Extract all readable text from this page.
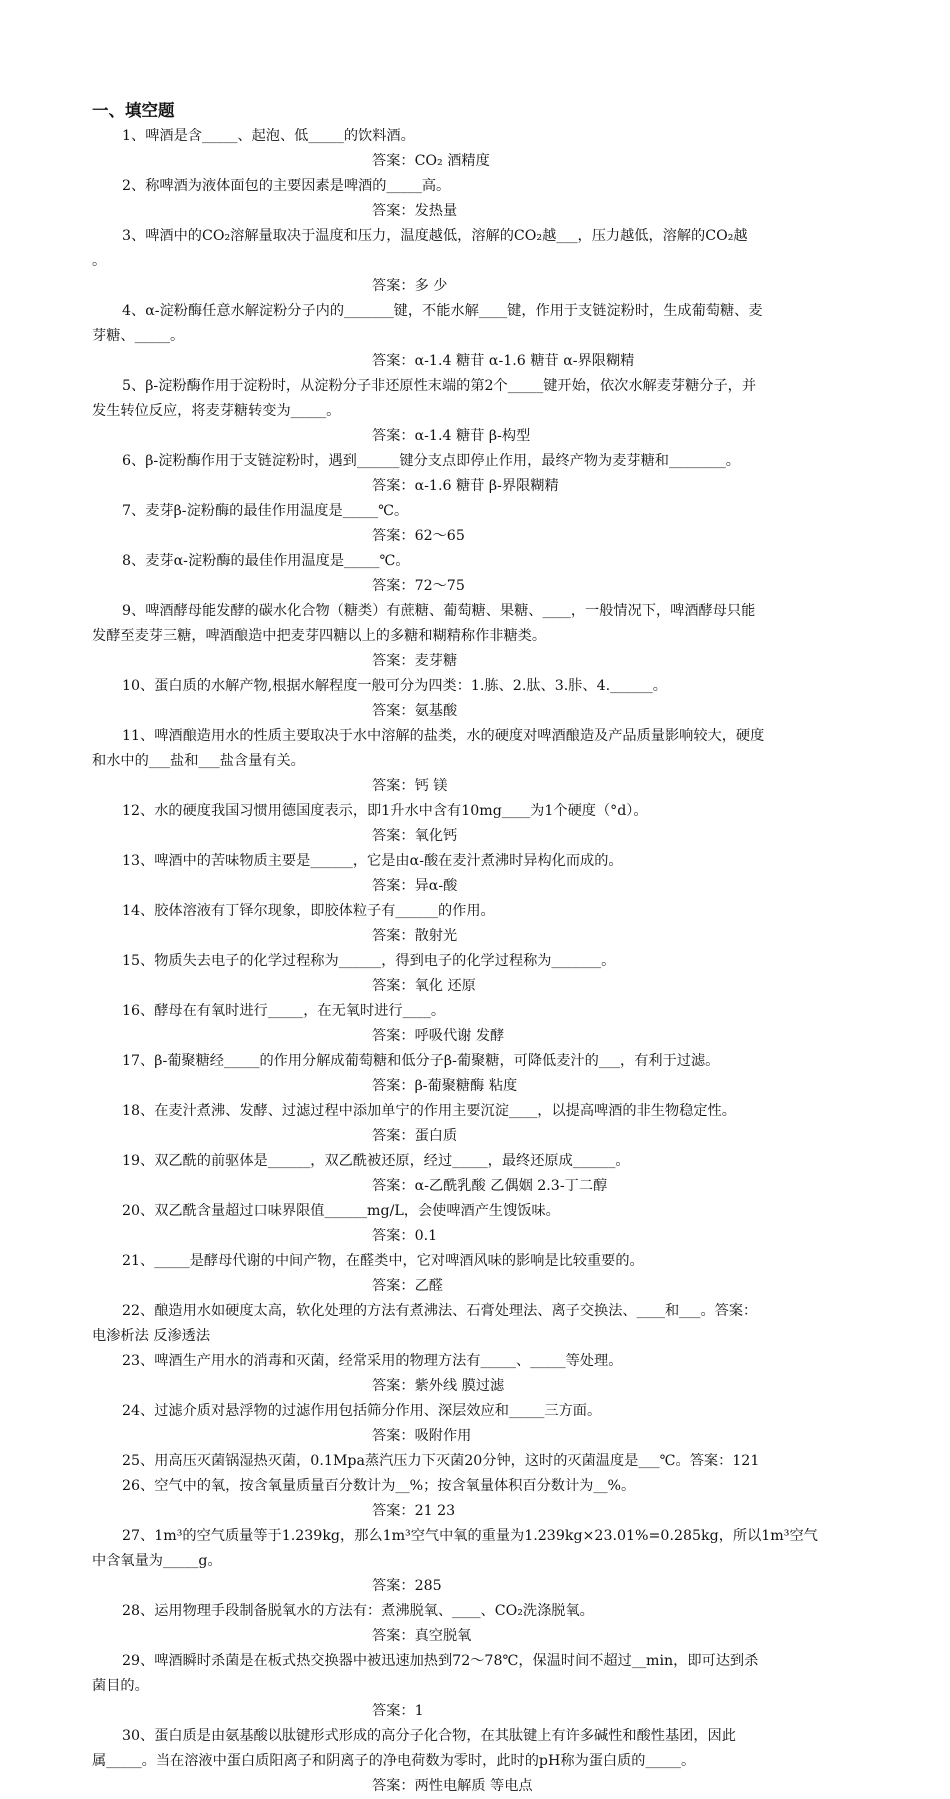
一、填空题
1、啤酒是含_____、起泡、低_____的饮料酒。
答案：CO₂ 酒精度
2、称啤酒为液体面包的主要因素是啤酒的_____高。
答案：发热量
3、啤酒中的CO₂溶解量取决于温度和压力，温度越低，溶解的CO₂越___，压力越低，溶解的CO₂越
。
答案：多 少
4、α-淀粉酶任意水解淀粉分子内的_______键，不能水解____键，作用于支链淀粉时，生成葡萄糖、麦
芽糖、_____。
答案：α-1.4 糖苷 α-1.6 糖苷 α-界限糊精
5、β-淀粉酶作用于淀粉时，从淀粉分子非还原性末端的第2个_____键开始，依次水解麦芽糖分子，并
发生转位反应，将麦芽糖转变为_____。
答案：α-1.4 糖苷 β-构型
6、β-淀粉酶作用于支链淀粉时，遇到______键分支点即停止作用，最终产物为麦芽糖和________。
答案：α-1.6 糖苷 β-界限糊精
7、麦芽β-淀粉酶的最佳作用温度是_____℃。
答案：62～65
8、麦芽α-淀粉酶的最佳作用温度是_____℃。
答案：72～75
9、啤酒酵母能发酵的碳水化合物（糖类）有蔗糖、葡萄糖、果糖、____，一般情况下，啤酒酵母只能
发酵至麦芽三糖，啤酒酿造中把麦芽四糖以上的多糖和糊精称作非糖类。
答案：麦芽糖
10、蛋白质的水解产物,根据水解程度一般可分为四类：1.胨、2.肽、3.胩、4.______。
答案：氨基酸
11、啤酒酿造用水的性质主要取决于水中溶解的盐类，水的硬度对啤酒酿造及产品质量影响较大，硬度
和水中的___盐和___盐含量有关。
答案：钙 镁
12、水的硬度我国习惯用德国度表示，即1升水中含有10mg____为1个硬度（°d）。
答案：氧化钙
13、啤酒中的苦味物质主要是______，它是由α-酸在麦汁煮沸时异构化而成的。
答案：异α-酸
14、胶体溶液有丁铎尔现象，即胶体粒子有______的作用。
答案：散射光
15、物质失去电子的化学过程称为______，得到电子的化学过程称为_______。
答案：氧化 还原
16、酵母在有氧时进行_____，在无氧时进行____。
答案：呼吸代谢 发酵
17、β-葡聚糖经_____的作用分解成葡萄糖和低分子β-葡聚糖，可降低麦汁的___，有利于过滤。
答案：β-葡聚糖酶 粘度
18、在麦汁煮沸、发酵、过滤过程中添加单宁的作用主要沉淀____，以提高啤酒的非生物稳定性。
答案：蛋白质
19、双乙酰的前驱体是______，双乙酰被还原，经过_____，最终还原成______。
答案：α-乙酰乳酸 乙偶姻 2.3-丁二醇
20、双乙酰含量超过口味界限值______mg/L，会使啤酒产生馊饭味。
答案：0.1
21、_____是酵母代谢的中间产物，在醛类中，它对啤酒风味的影响是比较重要的。
答案：乙醛
22、酿造用水如硬度太高，软化处理的方法有煮沸法、石膏处理法、离子交换法、____和___。答案：
电渗析法 反渗透法
23、啤酒生产用水的消毒和灭菌，经常采用的物理方法有_____、_____等处理。
答案：紫外线 膜过滤
24、过滤介质对悬浮物的过滤作用包括筛分作用、深层效应和_____三方面。
答案：吸附作用
25、用高压灭菌锅湿热灭菌，0.1Mpa蒸汽压力下灭菌20分钟，这时的灭菌温度是___℃。答案：121
26、空气中的氧，按含氧量质量百分数计为__%；按含氧量体积百分数计为__%。
答案：21 23
27、1m³的空气质量等于1.239kg，那么1m³空气中氧的重量为1.239kg×23.01%=0.285kg，所以1m³空气
中含氧量为_____g。
答案：285
28、运用物理手段制备脱氧水的方法有：煮沸脱氧、____、CO₂洗涤脱氧。
答案：真空脱氧
29、啤酒瞬时杀菌是在板式热交换器中被迅速加热到72～78℃，保温时间不超过__min，即可达到杀
菌目的。
答案：1
30、蛋白质是由氨基酸以肽键形式形成的高分子化合物，在其肽键上有许多碱性和酸性基团，因此
属_____。当在溶液中蛋白质阳离子和阴离子的净电荷数为零时，此时的pH称为蛋白质的_____。
答案：两性电解质 等电点
